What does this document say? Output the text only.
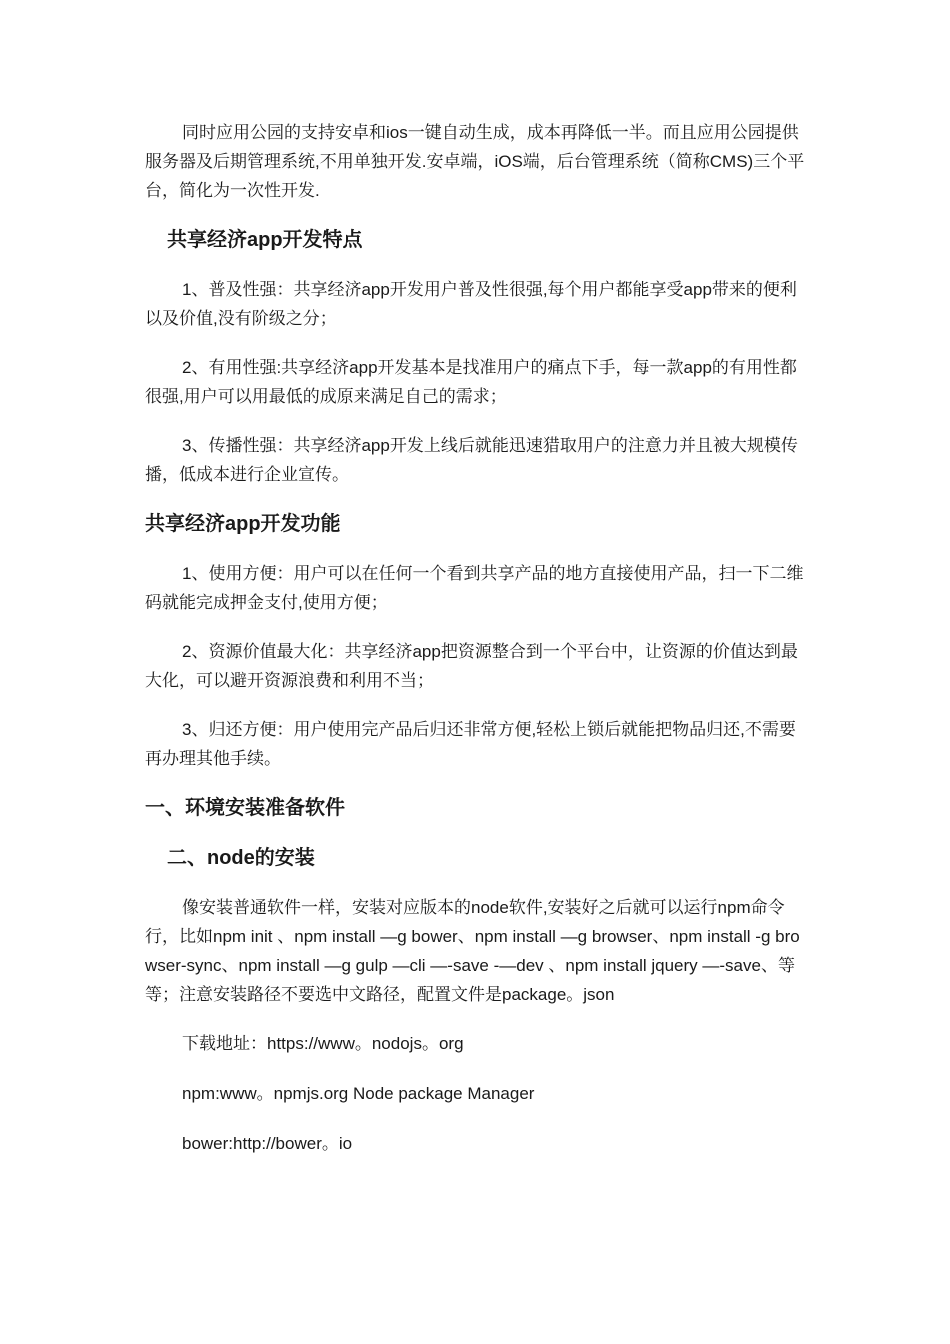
同时应用公园的支持安卓和ios一键自动生成，成本再降低一半。而且应用公园提供服务器及后期管理系统,不用单独开发.安卓端，iOS端，后台管理系统（简称CMS)三个平台，简化为一次性开发.

共享经济app开发特点

1、普及性强：共享经济app开发用户普及性很强,每个用户都能享受app带来的便利以及价值,没有阶级之分；

2、有用性强:共享经济app开发基本是找准用户的痛点下手，每一款app的有用性都很强,用户可以用最低的成原来满足自己的需求；

3、传播性强：共享经济app开发上线后就能迅速猎取用户的注意力并且被大规模传播，低成本进行企业宣传。

共享经济app开发功能

1、使用方便：用户可以在任何一个看到共享产品的地方直接使用产品，扫一下二维码就能完成押金支付,使用方便；

2、资源价值最大化：共享经济app把资源整合到一个平台中，让资源的价值达到最大化，可以避开资源浪费和利用不当；

3、归还方便：用户使用完产品后归还非常方便,轻松上锁后就能把物品归还,不需要再办理其他手续。

一、环境安装准备软件
二、node的安装

像安装普通软件一样，安装对应版本的node软件,安装好之后就可以运行npm命令行，比如npm init 、npm install —g bower、npm install —g browser、npm install -g browser-sync、npm install —g gulp —cli —-save -—dev 、npm install jquery —-save、等等；注意安装路径不要选中文路径，配置文件是package。json

下载地址：https://www。nodojs。org
npm:www。npmjs.org Node package Manager
bower:http://bower。io
